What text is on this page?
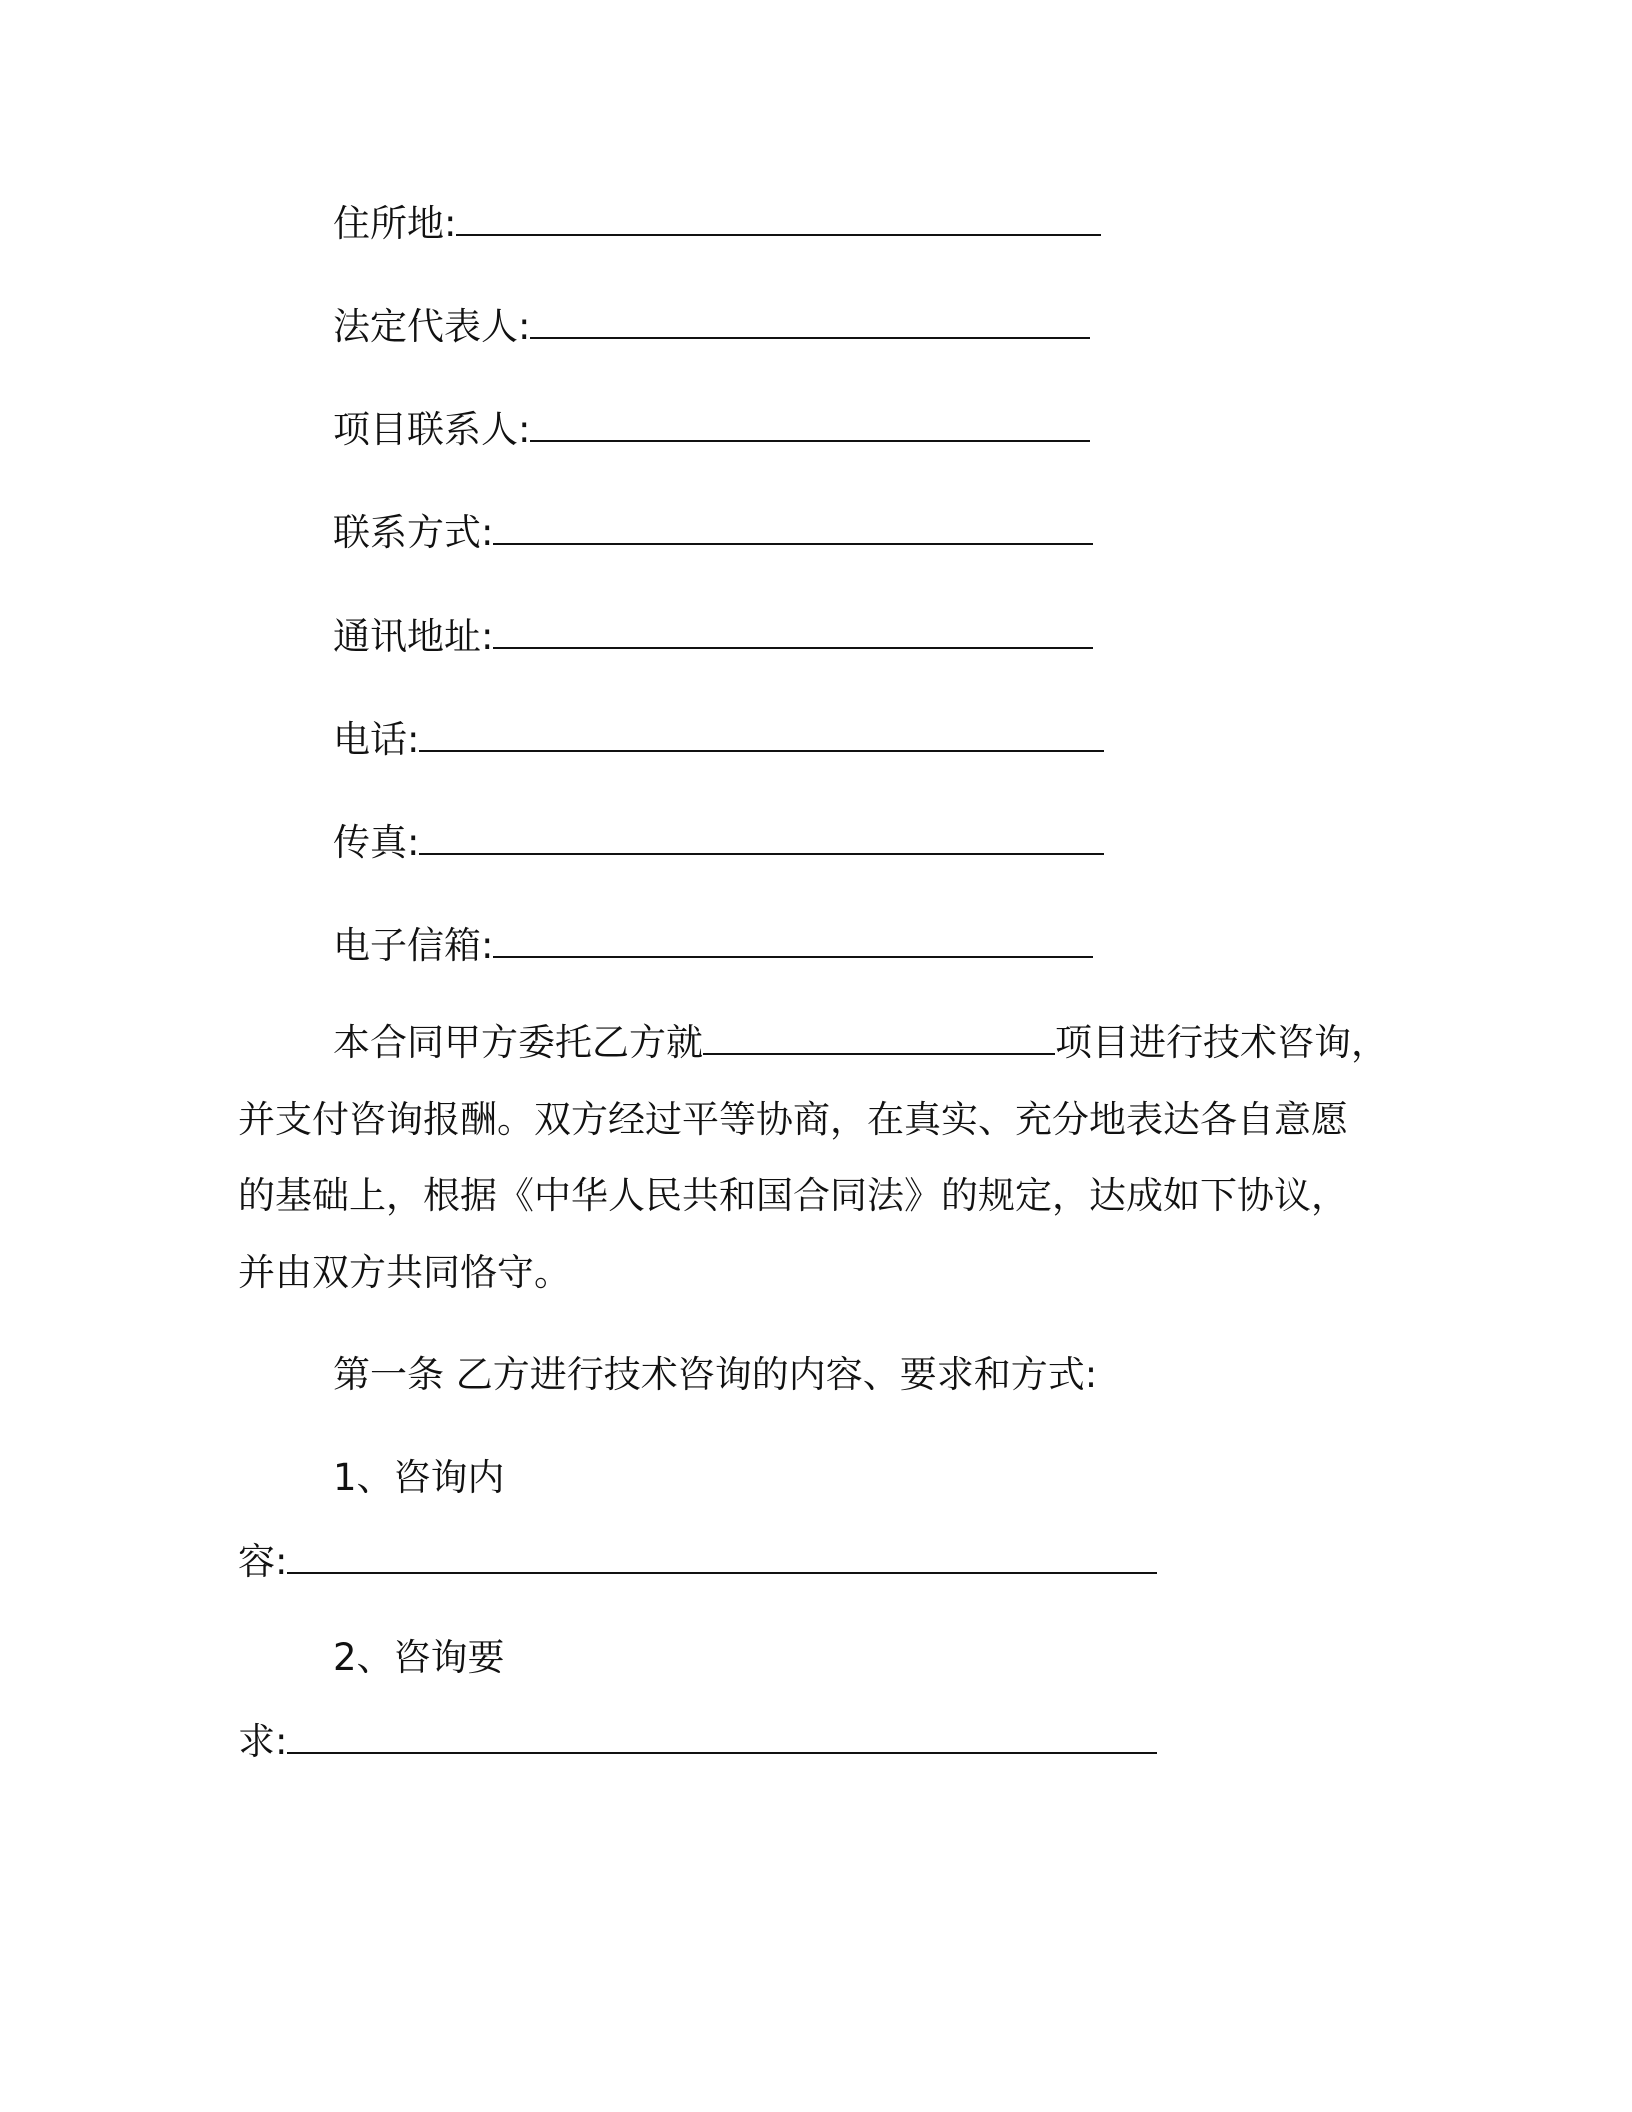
住所地:
法定代表人:
项目联系人:
联系方式:
通讯地址:
电话:
传真:
电子信箱:
本合同甲方委托乙方就	项目进行技术咨询，
并支付咨询报酬。双方经过平等协商，在真实、充分地表达各自意愿
的基础上，根据《中华人民共和国合同法》的规定，达成如下协议，
并由双方共同恪守。
第一条 乙方进行技术咨询的内容、要求和方式:
1、咨询内
容:
2、咨询要
求:
